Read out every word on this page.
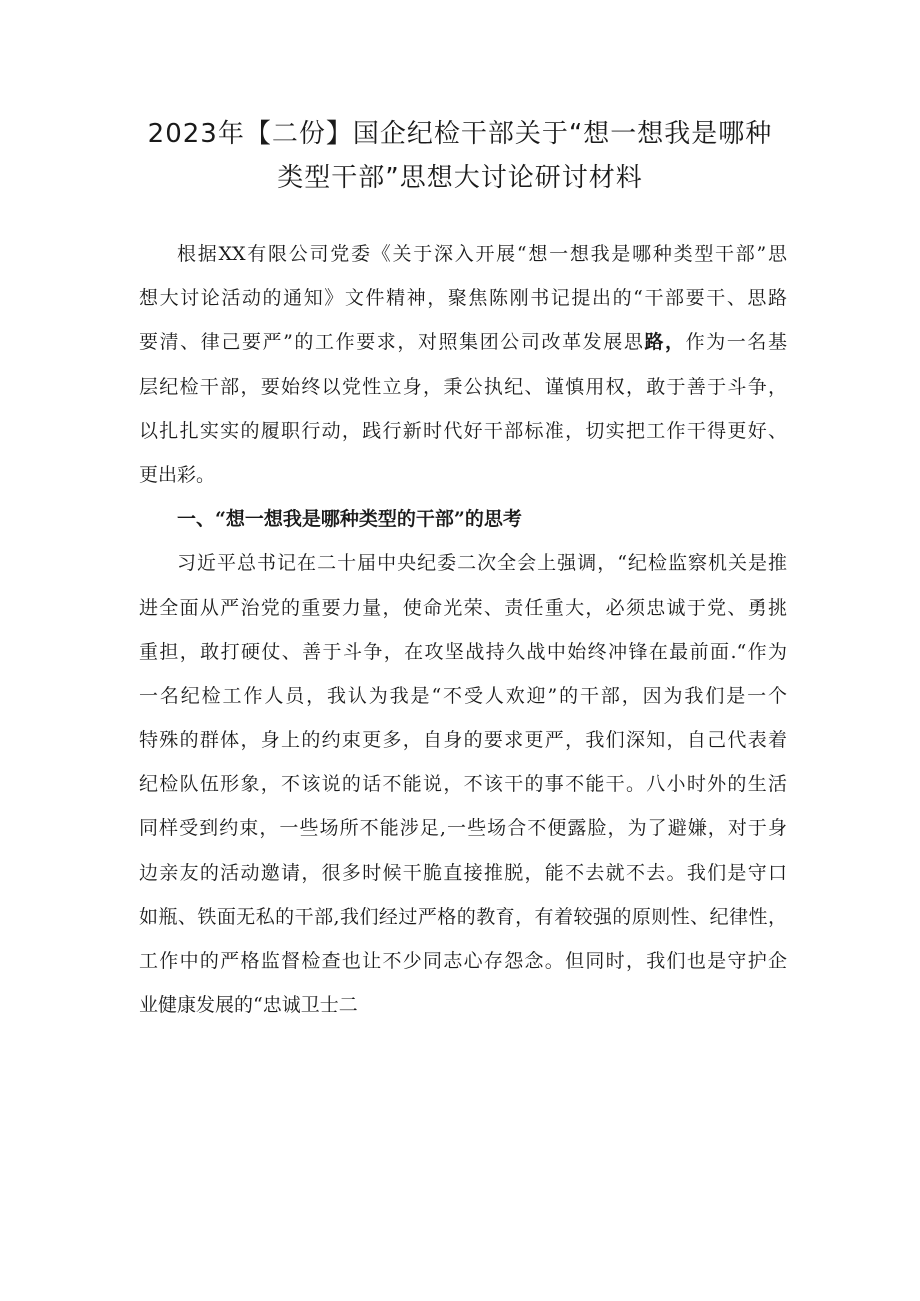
2023年【二份】国企纪检干部关于“想一想我是哪种
类型干部”思想大讨论研讨材料
根据XX有限公司党委《关于深入开展“想一想我是哪种类型干部”思
想大讨论活动的通知》文件精神，聚焦陈刚书记提出的“干部要干、思路
要清、律己要严”的工作要求，对照集团公司改革发展思路，作为一名基
层纪检干部，要始终以党性立身，秉公执纪、谨慎用权，敢于善于斗争，
以扎扎实实的履职行动，践行新时代好干部标准，切实把工作干得更好、
更出彩。
一、“想一想我是哪种类型的干部”的思考
习近平总书记在二十届中央纪委二次全会上强调，“纪检监察机关是推
进全面从严治党的重要力量，使命光荣、责任重大，必须忠诚于党、勇挑
重担，敢打硬仗、善于斗争，在攻坚战持久战中始终冲锋在最前面.“作为
一名纪检工作人员，我认为我是“不受人欢迎”的干部，因为我们是一个
特殊的群体，身上的约束更多，自身的要求更严，我们深知，自己代表着
纪检队伍形象，不该说的话不能说，不该干的事不能干。八小时外的生活
同样受到约束，一些场所不能涉足,一些场合不便露脸，为了避嫌，对于身
边亲友的活动邀请，很多时候干脆直接推脱，能不去就不去。我们是守口
如瓶、铁面无私的干部,我们经过严格的教育，有着较强的原则性、纪律性，
工作中的严格监督检查也让不少同志心存怨念。但同时，我们也是守护企
业健康发展的“忠诚卫士二
